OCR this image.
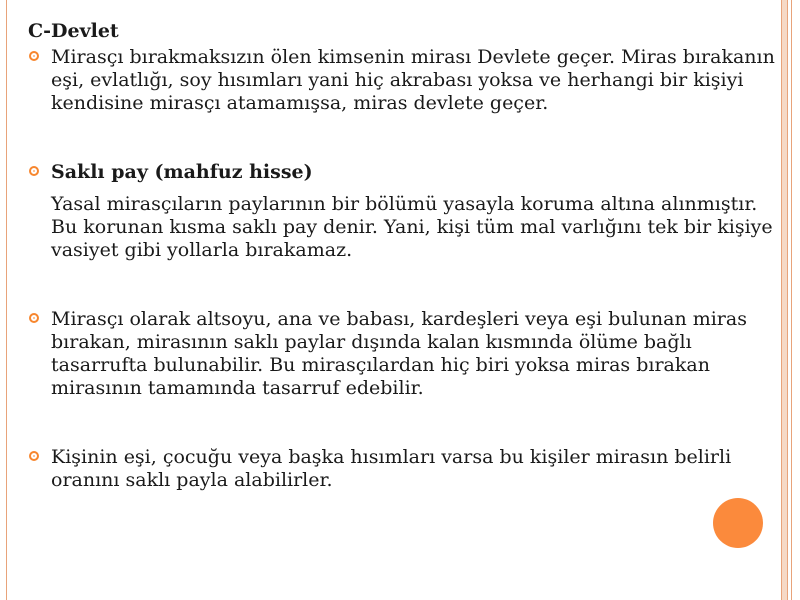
C-Devlet
Mirasçı bırakmaksızın ölen kimsenin mirası Devlete geçer. Miras bırakanın eşi, evlatlığı, soy hısımları yani hiç akrabası yoksa ve herhangi bir kişiyi kendisine mirasçı atamamışsa, miras devlete geçer.
Saklı pay (mahfuz hisse)
Yasal mirasçıların paylarının bir bölümü yasayla koruma altına alınmıştır. Bu korunan kısma saklı pay denir. Yani, kişi tüm mal varlığını tek bir kişiye vasiyet gibi yollarla bırakamaz.
Mirasçı olarak altsoyu, ana ve babası, kardeşleri veya eşi bulunan miras bırakan, mirasının saklı paylar dışında kalan kısmında ölüme bağlı tasarrufta bulunabilir. Bu mirasçılardan hiç biri yoksa miras bırakan mirasının tamamında tasarruf edebilir.
Kişinin eşi, çocuğu veya başka hısımları varsa bu kişiler mirasın belirli oranını saklı payla alabilirler.
